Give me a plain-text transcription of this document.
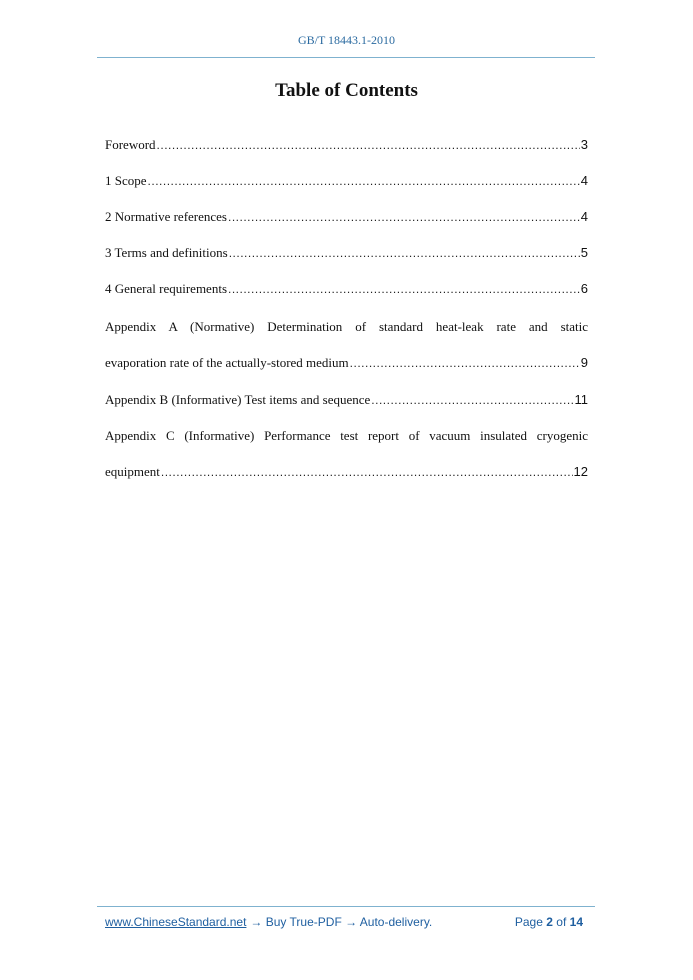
GB/T 18443.1-2010
Table of Contents
Foreword .....	3
1 Scope .....	4
2 Normative references .....	4
3 Terms and definitions .....	5
4 General requirements .....	6
Appendix A (Normative) Determination of standard heat-leak rate and static
evaporation rate of the actually-stored medium .....	9
Appendix B (Informative) Test items and sequence .....	11
Appendix C (Informative) Performance test report of vacuum insulated cryogenic
equipment .....	12
www.ChineseStandard.net → Buy True-PDF → Auto-delivery.	Page 2 of 14
